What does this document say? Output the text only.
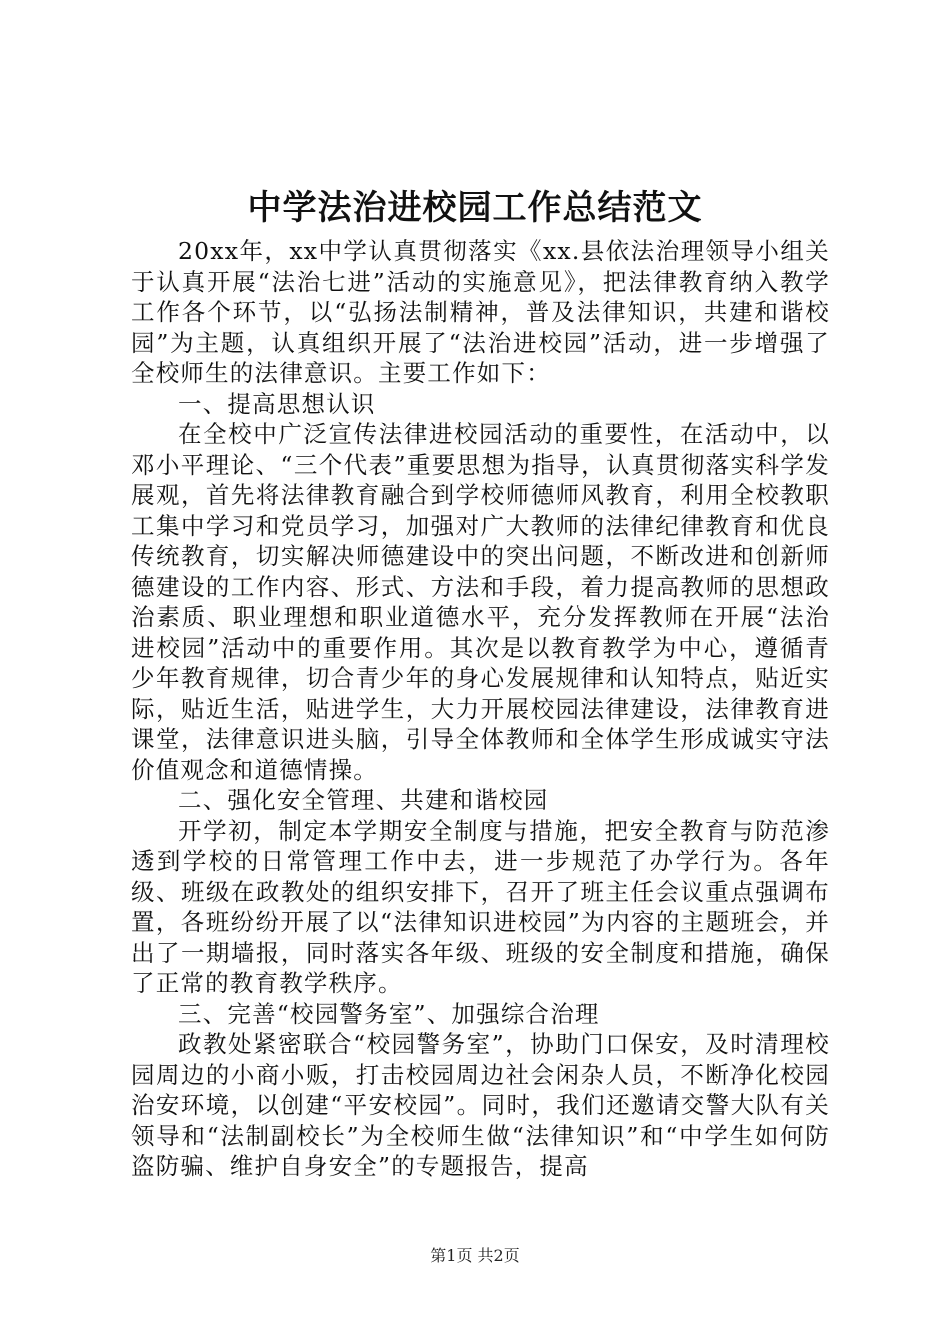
中学法治进校园工作总结范文

20xx年，xx中学认真贯彻落实《xx.县依法治理领导小组关于认真开展“法治七进”活动的实施意见》，把法律教育纳入教学工作各个环节，以“弘扬法制精神，普及法律知识，共建和谐校园”为主题，认真组织开展了“法治进校园”活动，进一步增强了全校师生的法律意识。主要工作如下：

一、提高思想认识

在全校中广泛宣传法律进校园活动的重要性，在活动中，以邓小平理论、“三个代表”重要思想为指导，认真贯彻落实科学发展观，首先将法律教育融合到学校师德师风教育，利用全校教职工集中学习和党员学习，加强对广大教师的法律纪律教育和优良传统教育，切实解决师德建设中的突出问题，不断改进和创新师德建设的工作内容、形式、方法和手段，着力提高教师的思想政治素质、职业理想和职业道德水平，充分发挥教师在开展“法治进校园”活动中的重要作用。其次是以教育教学为中心，遵循青少年教育规律，切合青少年的身心发展规律和认知特点，贴近实际，贴近生活，贴进学生，大力开展校园法律建设，法律教育进课堂，法律意识进头脑，引导全体教师和全体学生形成诚实守法价值观念和道德情操。

二、强化安全管理、共建和谐校园

开学初，制定本学期安全制度与措施，把安全教育与防范渗透到学校的日常管理工作中去，进一步规范了办学行为。各年级、班级在政教处的组织安排下，召开了班主任会议重点强调布置，各班纷纷开展了以“法律知识进校园”为内容的主题班会，并出了一期墙报，同时落实各年级、班级的安全制度和措施，确保了正常的教育教学秩序。

三、完善“校园警务室”、加强综合治理

政教处紧密联合“校园警务室”，协助门口保安，及时清理校园周边的小商小贩，打击校园周边社会闲杂人员，不断净化校园治安环境，以创建“平安校园”。同时，我们还邀请交警大队有关领导和“法制副校长”为全校师生做“法律知识”和“中学生如何防盗防骗、维护自身安全”的专题报告，提高

第1页 共2页
